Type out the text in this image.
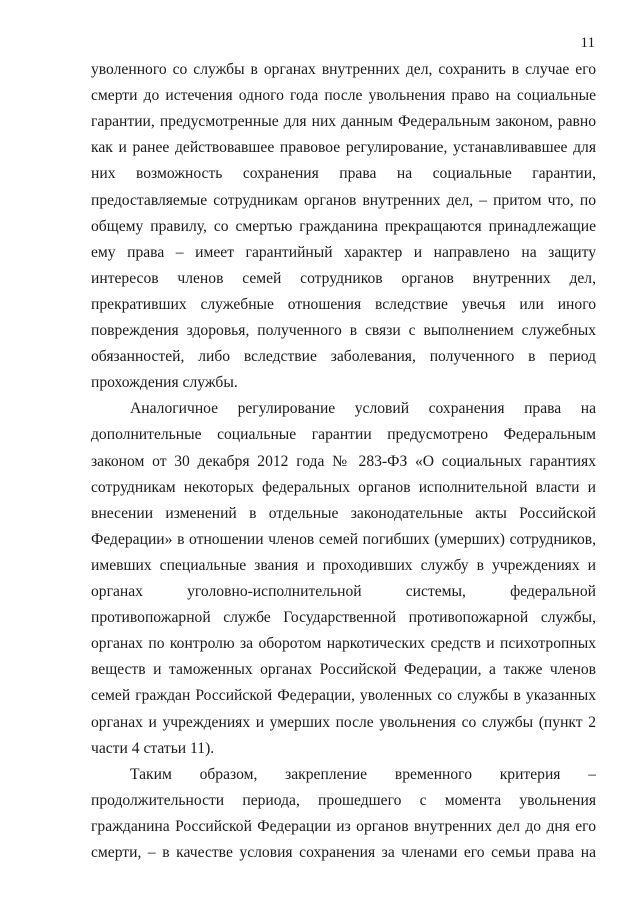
11
уволенного со службы в органах внутренних дел, сохранить в случае его
смерти до истечения одного года после увольнения право на социальные
гарантии, предусмотренные для них данным Федеральным законом, равно
как и ранее действовавшее правовое регулирование, устанавливавшее для
них возможность сохранения права на социальные гарантии,
предоставляемые сотрудникам органов внутренних дел, – притом что, по
общему правилу, со смертью гражданина прекращаются принадлежащие
ему права – имеет гарантийный характер и направлено на защиту
интересов членов семей сотрудников органов внутренних дел,
прекративших служебные отношения вследствие увечья или иного
повреждения здоровья, полученного в связи с выполнением служебных
обязанностей, либо вследствие заболевания, полученного в период
прохождения службы.
Аналогичное регулирование условий сохранения права на
дополнительные социальные гарантии предусмотрено Федеральным
законом от 30 декабря 2012 года № 283-ФЗ «О социальных гарантиях
сотрудникам некоторых федеральных органов исполнительной власти и
внесении изменений в отдельные законодательные акты Российской
Федерации» в отношении членов семей погибших (умерших) сотрудников,
имевших специальные звания и проходивших службу в учреждениях и
органах уголовно-исполнительной системы, федеральной
противопожарной службе Государственной противопожарной службы,
органах по контролю за оборотом наркотических средств и психотропных
веществ и таможенных органах Российской Федерации, а также членов
семей граждан Российской Федерации, уволенных со службы в указанных
органах и учреждениях и умерших после увольнения со службы (пункт 2
части 4 статьи 11).
Таким образом, закрепление временного критерия –
продолжительности периода, прошедшего с момента увольнения
гражданина Российской Федерации из органов внутренних дел до дня его
смерти, – в качестве условия сохранения за членами его семьи права на
